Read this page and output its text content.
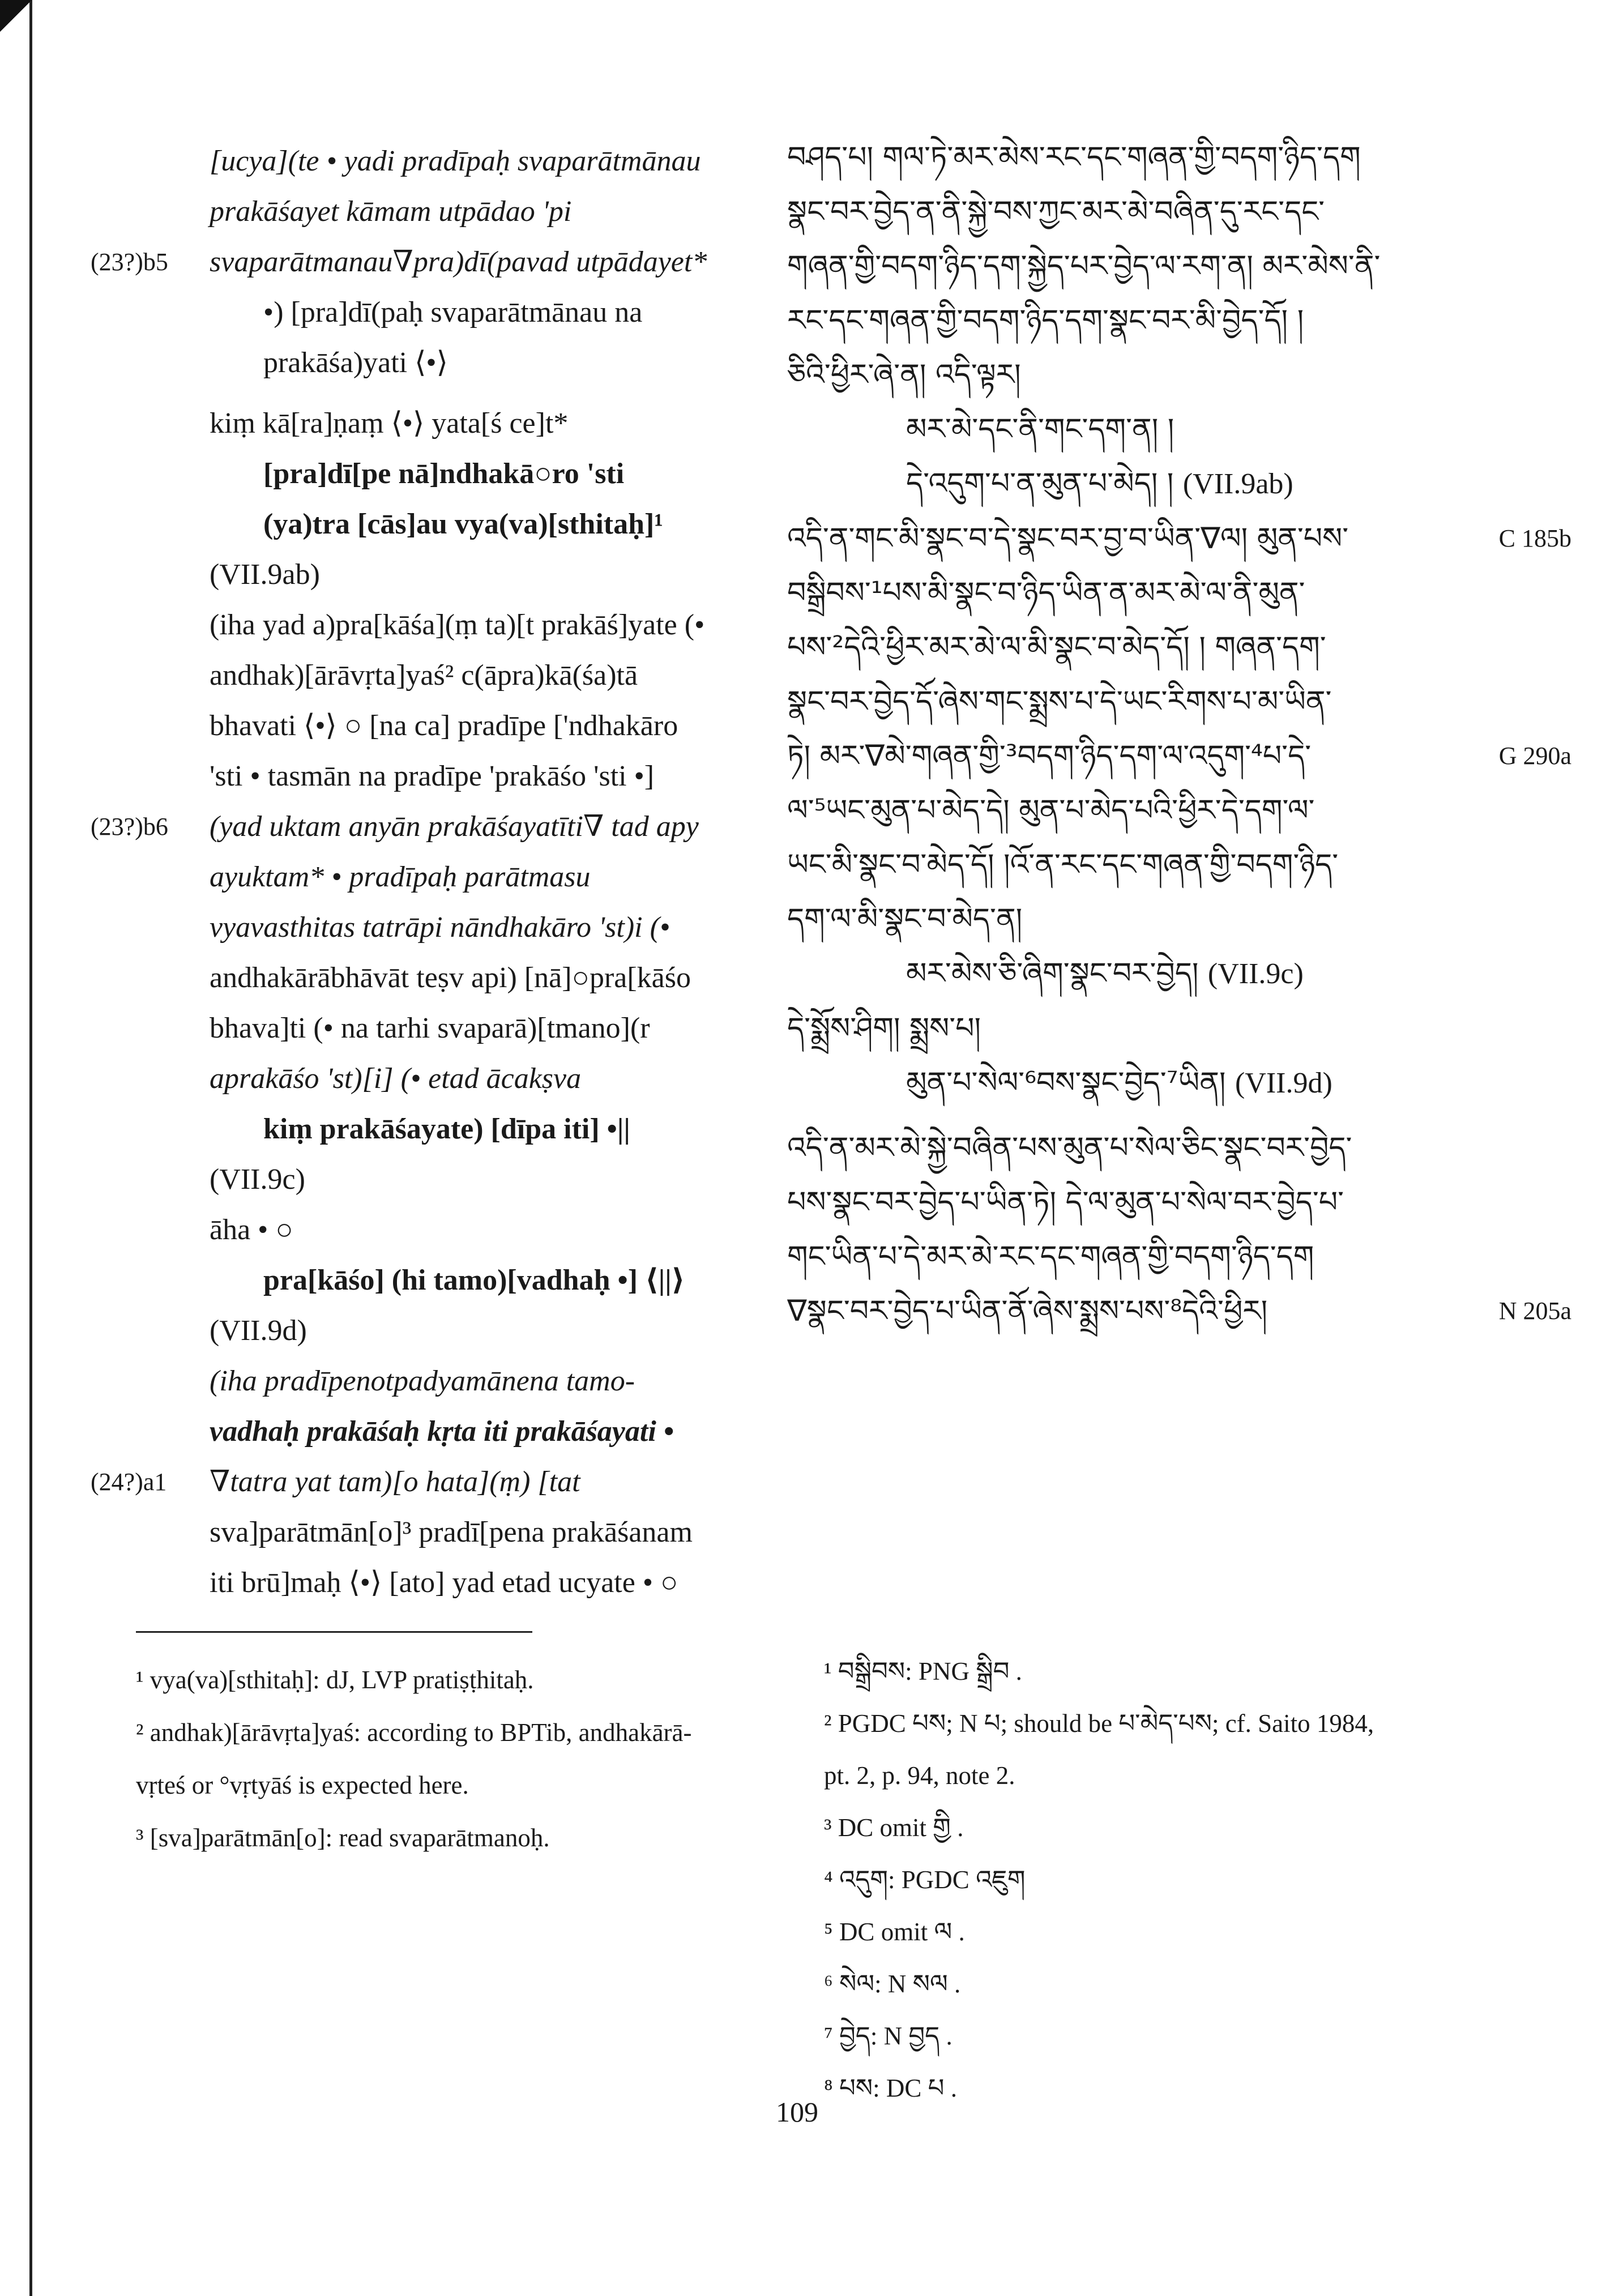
[ucya](te • yadi pradīpaḥ svaparātmānau
prakāśayet kāmam utpādao 'pi
(23?)b5 svaparātmanau∇pra)dī(pavad utpādayet*
•) [pra]dī(paḥ svaparātmānau na
prakāśa)yati ⟨•⟩
kiṃ kā[ra]ṇaṃ ⟨•⟩ yata[ś ce]t*
[pra]dī[pe nā]ndhakā○ro 'sti
(ya)tra [cās]au vya(va)[sthitaḥ]¹
(VII.9ab)
(iha yad a)pra[kāśa](ṃ ta)[t prakāś]yate (•
andhak)[ārāvṛta]yaś² c(āpra)kā(śa)tā
bhavati ⟨•⟩ ○ [na ca] pradīpe ['ndhakāro
'sti • tasmān na pradīpe 'prakāśo 'sti •]
(23?)b6 (yad uktam anyān prakāśayatīti∇ tad apy
ayuktam* • pradīpaḥ parātmasu
vyavasthitas tatrāpi nāndhakāro 'st)i (•
andhakārābhāvāt teṣv api) [nā]○pra[kāśo
bhava]ti (• na tarhi svaparā)[tmano](r
aprakāśo 'st)[i] (• etad ācakṣva
kiṃ prakāśayate) [dīpa iti] •||
(VII.9c)
āha • ○
pra[kāśo] (hi tamo)[vadhaḥ •] ⟨||⟩
(VII.9d)
(iha pradīpenotpadyamānena tamo-
vadhaḥ prakāśaḥ kṛta iti prakāśayati •
(24?)a1 ∇tatra yat tam)[o hata](ṃ) [tat
sva]parātmān[o]³ pradī[pena prakāśanam
iti brū]maḥ ⟨•⟩ [ato] yad etad ucyate • ○
བཤད་པ། གལ་ཏེ་མར་མེས་རང་དང་གཞན་གྱི་བདག་ཉིད་དག
སྣང་བར་བྱེད་ན་ནི་སྐྱེ་བས་ཀྱང་མར་མེ་བཞིན་དུ་རང་དང་
གཞན་གྱི་བདག་ཉིད་དག་སྐྱེད་པར་བྱེད་ལ་རག་ན། མར་མེས་ནི་
རང་དང་གཞན་གྱི་བདག་ཉིད་དག་སྣང་བར་མི་བྱེད་དོ། །
ཅིའི་ཕྱིར་ཞེ་ན། འདི་ལྟར།
མར་མེ་དང་ནི་གང་དག་ན། །
དེ་འདུག་པ་ན་མུན་པ་མེད། ། (VII.9ab)
འདི་ན་གང་མི་སྣང་བ་དེ་སྣང་བར་བྱ་བ་ཡིན་∇ལ། མུན་པས་	C 185b
བསྒྲིབས་¹པས་མི་སྣང་བ་ཉིད་ཡིན་ན་མར་མེ་ལ་ནི་མུན་
པས་²དེའི་ཕྱིར་མར་མེ་ལ་མི་སྣང་བ་མེད་དོ། ། གཞན་དག་
སྣང་བར་བྱེད་དོ་ཞེས་གང་སྨྲས་པ་དེ་ཡང་རིགས་པ་མ་ཡིན་
ཏེ། མར་∇མེ་གཞན་གྱི་³བདག་ཉིད་དག་ལ་འདུག་⁴པ་དེ་	G 290a
ལ་⁵ཡང་མུན་པ་མེད་དེ། མུན་པ་མེད་པའི་ཕྱིར་དེ་དག་ལ་
ཡང་མི་སྣང་བ་མེད་དོ། །འོ་ན་རང་དང་གཞན་གྱི་བདག་ཉིད་
དག་ལ་མི་སྣང་བ་མེད་ན།
མར་མེས་ཅི་ཞིག་སྣང་བར་བྱེད། (VII.9c)
དེ་སྨྲོས་ཤིག། སྨྲས་པ།
མུན་པ་སེལ་⁶བས་སྣང་བྱེད་⁷ཡིན། (VII.9d)
འདི་ན་མར་མེ་སྐྱེ་བཞིན་པས་མུན་པ་སེལ་ཅིང་སྣང་བར་བྱེད་
པས་སྣང་བར་བྱེད་པ་ཡིན་ཏེ། དེ་ལ་མུན་པ་སེལ་བར་བྱེད་པ་
གང་ཡིན་པ་དེ་མར་མེ་རང་དང་གཞན་གྱི་བདག་ཉིད་དག
∇སྣང་བར་བྱེད་པ་ཡིན་ནོ་ཞེས་སྨྲས་པས་⁸དེའི་ཕྱིར།	N 205a
¹ vya(va)[sthitaḥ]: dJ, LVP pratiṣṭhitaḥ.
² andhak)[ārāvṛta]yaś: according to BPTib, andhakārā-
vṛteś or °vṛtyāś is expected here.
³ [sva]parātmān[o]: read svaparātmanoḥ.
¹ བསྒྲིབས: PNG སྒྲིབ .
² PGDC པས; N པ; should be པ་མེད་པས; cf. Saito 1984,
pt. 2, p. 94, note 2.
³ DC omit གྱི .
⁴ འདུག: PGDC འཇུག
⁵ DC omit ལ .
⁶ སེལ: N སལ .
⁷ བྱེད: N བྱད .
⁸ པས: DC པ .
109
